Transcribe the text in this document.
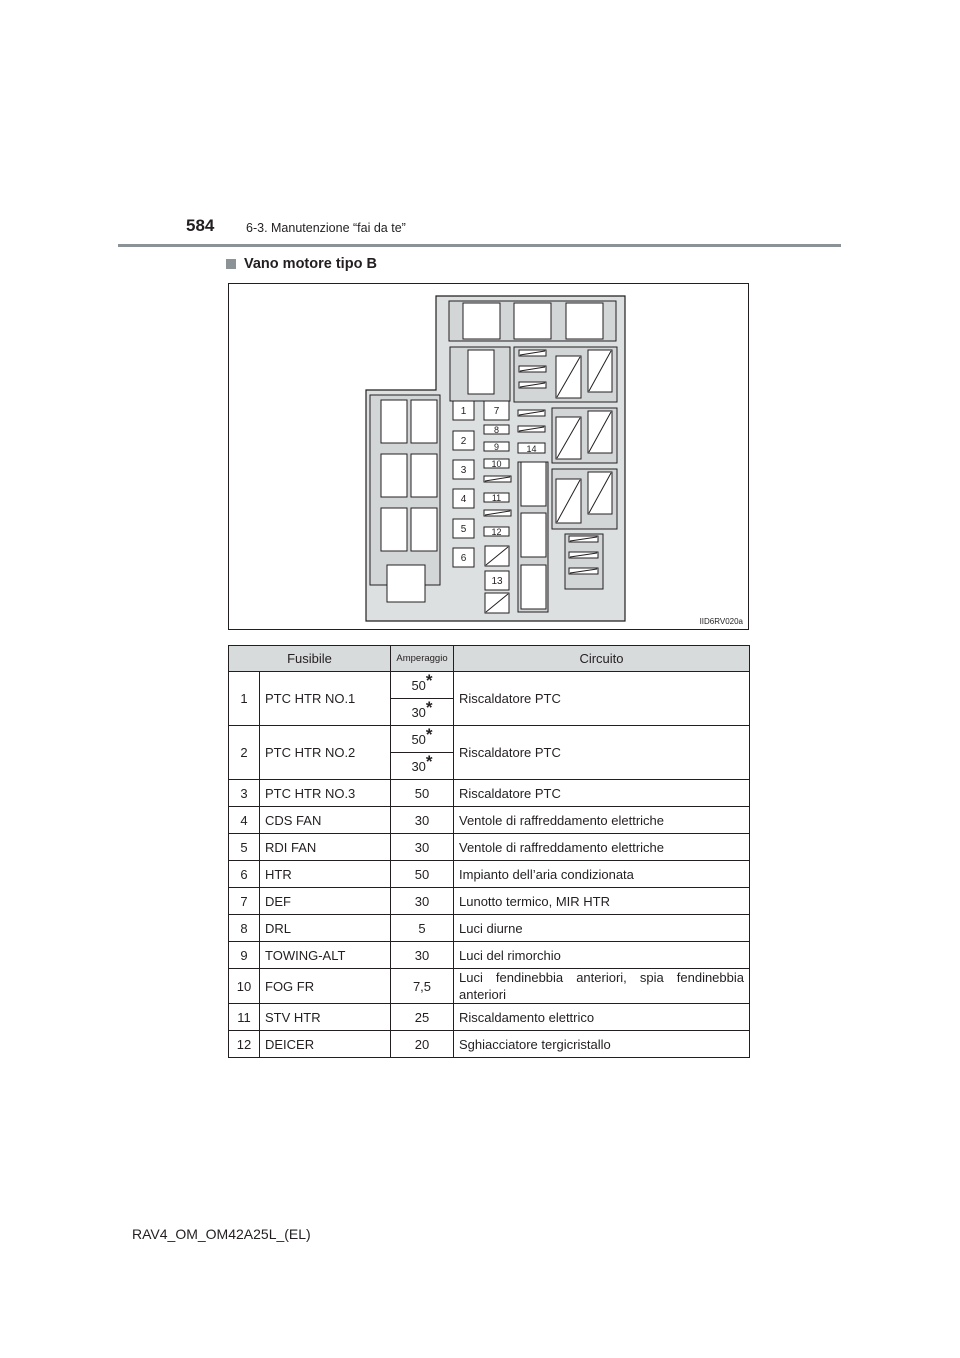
584	6-3. Manutenzione “fai da te”
Vano motore tipo B
1
2
3
4
5
6
7
8
9
10
11
12
13
14
IID6RV020a
Fusibile		Amperaggio	Circuito
1	PTC HTR NO.1	50*	Riscaldatore PTC
		30*
2	PTC HTR NO.2	50*	Riscaldatore PTC
		30*
3	PTC HTR NO.3	50	Riscaldatore PTC
4	CDS FAN	30	Ventole di raffreddamento elettriche
5	RDI FAN	30	Ventole di raffreddamento elettriche
6	HTR	50	Impianto dell’aria condizionata
7	DEF	30	Lunotto termico, MIR HTR
8	DRL	5	Luci diurne
9	TOWING-ALT	30	Luci del rimorchio
10	FOG FR	7,5	Luci fendinebbia anteriori, spia fendinebbia anteriori
11	STV HTR	25	Riscaldamento elettrico
12	DEICER	20	Sghiacciatore tergicristallo
RAV4_OM_OM42A25L_(EL)
